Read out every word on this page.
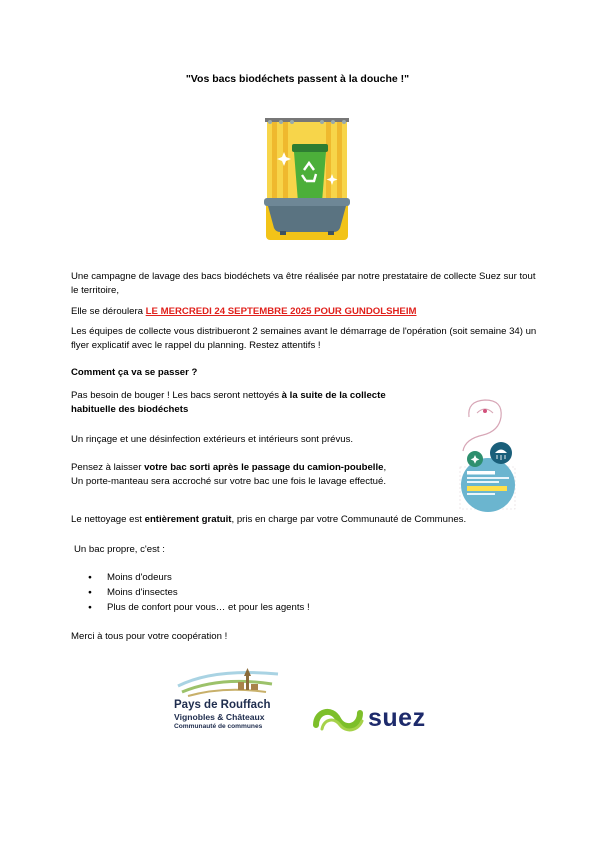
"Vos bacs biodéchets passent à la douche !"

Une campagne de lavage des bacs biodéchets va être réalisée par notre prestataire de collecte Suez sur tout le territoire,

Elle se déroulera LE MERCREDI 24 SEPTEMBRE 2025 POUR GUNDOLSHEIM

Les équipes de collecte vous distribueront 2 semaines avant le démarrage de l'opération (soit semaine 34) un flyer explicatif avec le rappel du planning. Restez attentifs !

Comment ça va se passer ?

Pas besoin de bouger ! Les bacs seront nettoyés à la suite de la collecte habituelle des biodéchets

Un rinçage et une désinfection extérieurs et intérieurs sont prévus.

Pensez à laisser votre bac sorti après le passage du camion-poubelle,

Un porte-manteau sera accroché sur votre bac une fois le lavage effectué.

Le nettoyage est entièrement gratuit, pris en charge par votre Communauté de Communes.

Un bac propre, c'est :

● Moins d'odeurs
● Moins d'insectes
● Plus de confort pour vous… et pour les agents !

Merci à tous pour votre coopération !

Pays de Rouffach
Vignobles & Châteaux
Communauté de communes	suez
